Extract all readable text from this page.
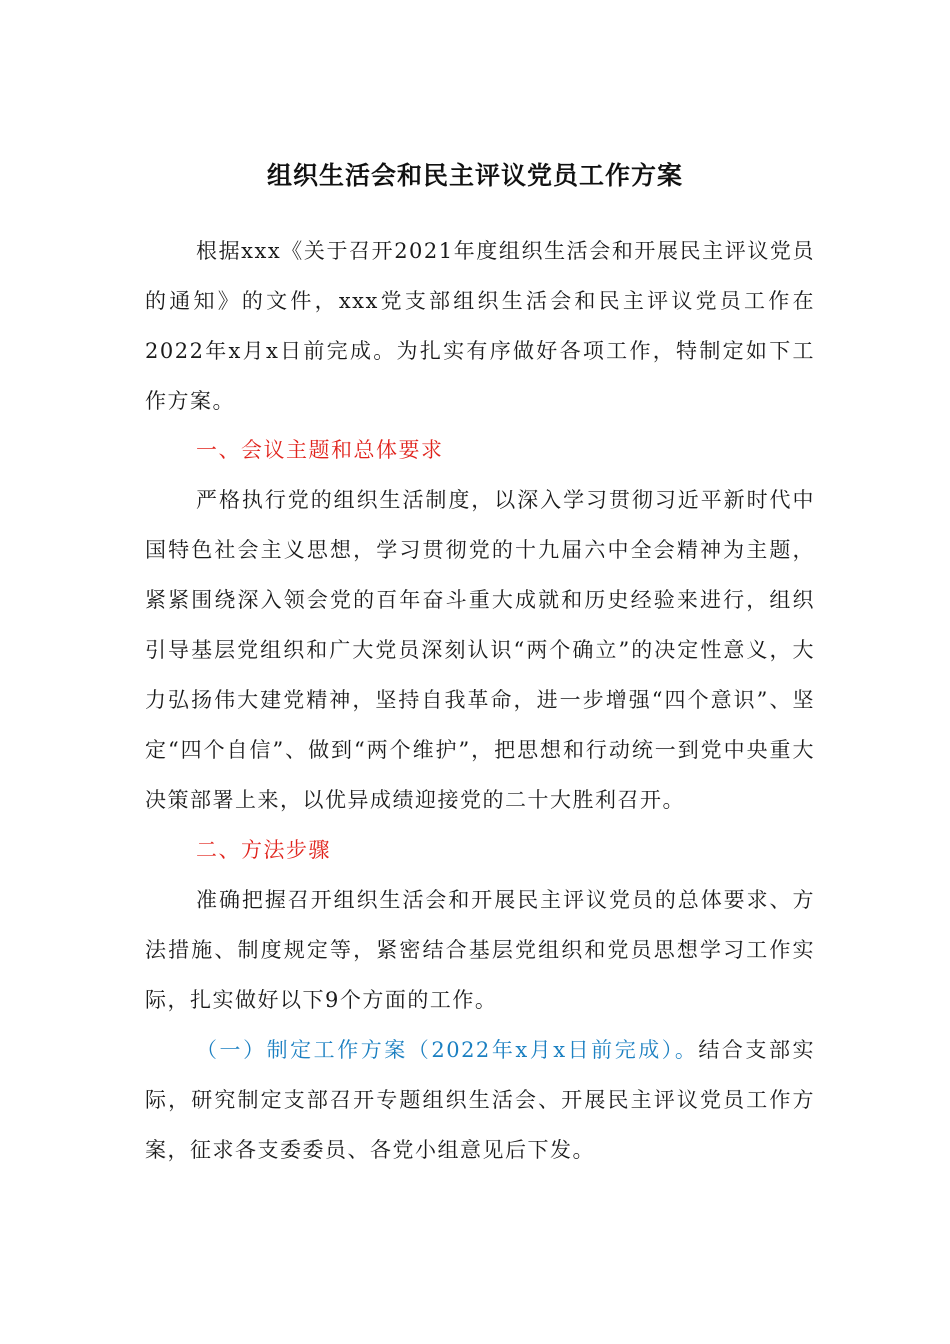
组织生活会和民主评议党员工作方案
根据xxx《关于召开2021年度组织生活会和开展民主评议党员的通知》的文件，xxx党支部组织生活会和民主评议党员工作在2022年x月x日前完成。为扎实有序做好各项工作，特制定如下工作方案。
一、会议主题和总体要求
严格执行党的组织生活制度，以深入学习贯彻习近平新时代中国特色社会主义思想，学习贯彻党的十九届六中全会精神为主题，紧紧围绕深入领会党的百年奋斗重大成就和历史经验来进行，组织引导基层党组织和广大党员深刻认识“两个确立”的决定性意义，大力弘扬伟大建党精神，坚持自我革命，进一步增强“四个意识”、坚定“四个自信”、做到“两个维护”，把思想和行动统一到党中央重大决策部署上来，以优异成绩迎接党的二十大胜利召开。
二、方法步骤
准确把握召开组织生活会和开展民主评议党员的总体要求、方法措施、制度规定等，紧密结合基层党组织和党员思想学习工作实际，扎实做好以下9个方面的工作。
（一）制定工作方案（2022年x月x日前完成）。结合支部实际，研究制定支部召开专题组织生活会、开展民主评议党员工作方案，征求各支委委员、各党小组意见后下发。
